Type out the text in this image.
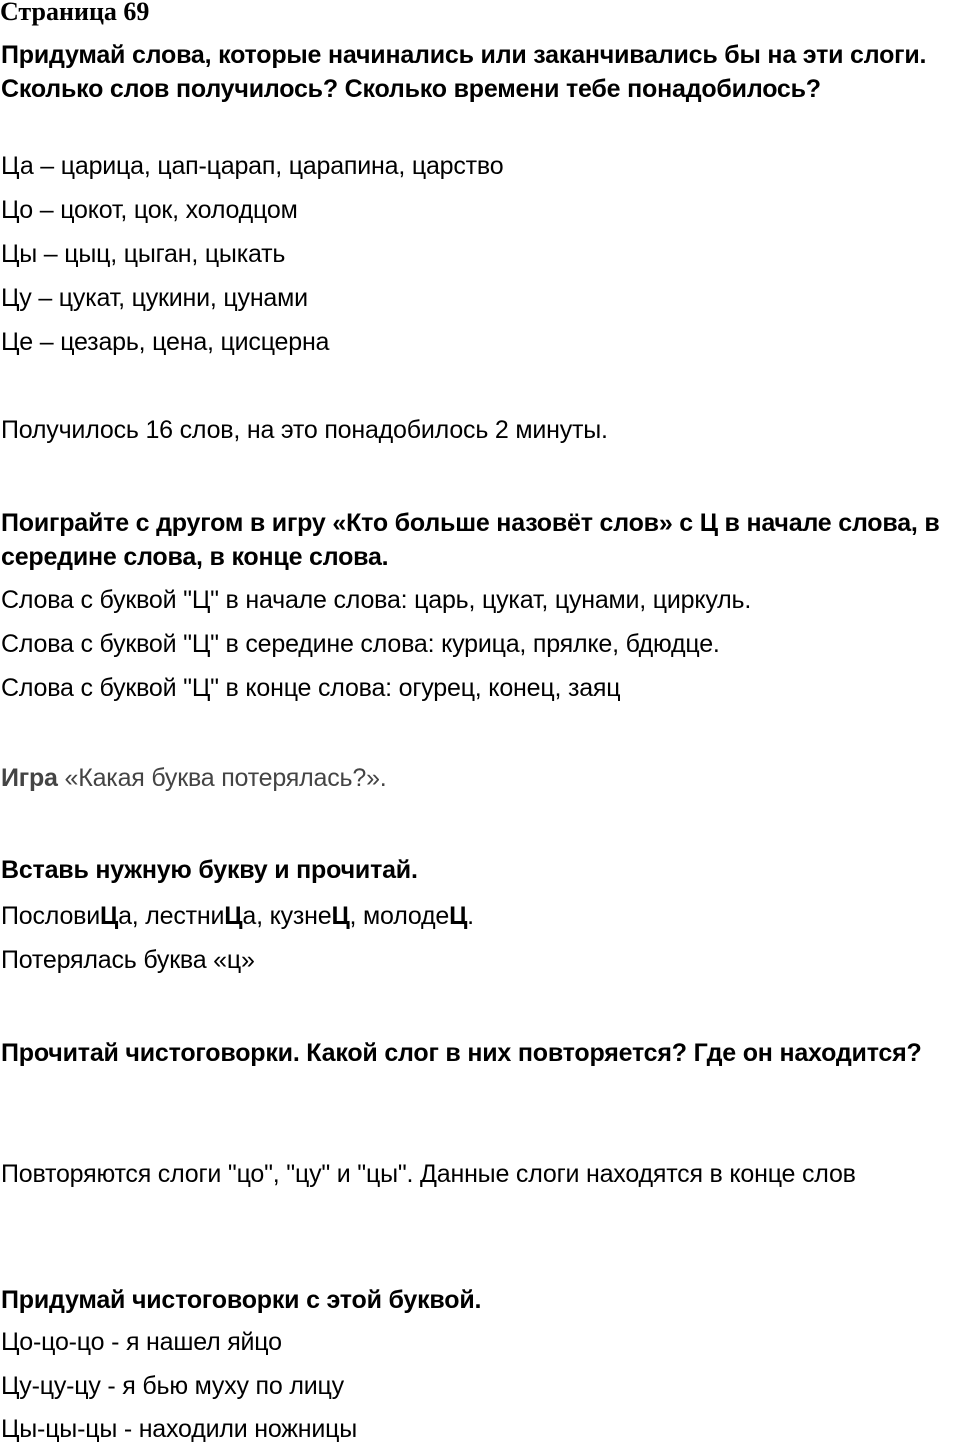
Страница 69

Придумай слова, которые начинались или заканчивались бы на эти слоги. Сколько слов получилось? Сколько времени тебе понадобилось?

Ца – царица, цап-царап, царапина, царство

Цо – цокот, цок, холодцом

Цы – цыц, цыган, цыкать

Цу – цукат, цукини, цунами

Це – цезарь, цена, цисцерна

Получилось 16 слов, на это понадобилось 2 минуты.

Поиграйте с другом в игру «Кто больше назовёт слов» с Ц в начале слова, в середине слова, в конце слова.

Слова с буквой "Ц" в начале слова: царь, цукат, цунами, циркуль.

Слова с буквой "Ц" в середине слова: курица, прялке, бдюдце.

Слова с буквой "Ц" в конце слова: огурец, конец, заяц

Игра «Какая буква потерялась?».

Вставь нужную букву и прочитай.

ПословиЦа, лестниЦа, кузнеЦ, молодеЦ.

Потерялась буква «ц»

Прочитай чистоговорки. Какой слог в них повторяется? Где он находится?

Повторяются слоги "цо", "цу" и "цы". Данные слоги находятся в конце слов

Придумай чистоговорки с этой буквой.

Цо-цо-цо - я нашел яйцо

Цу-цу-цу - я бью муху по лицу

Цы-цы-цы - находили ножницы
